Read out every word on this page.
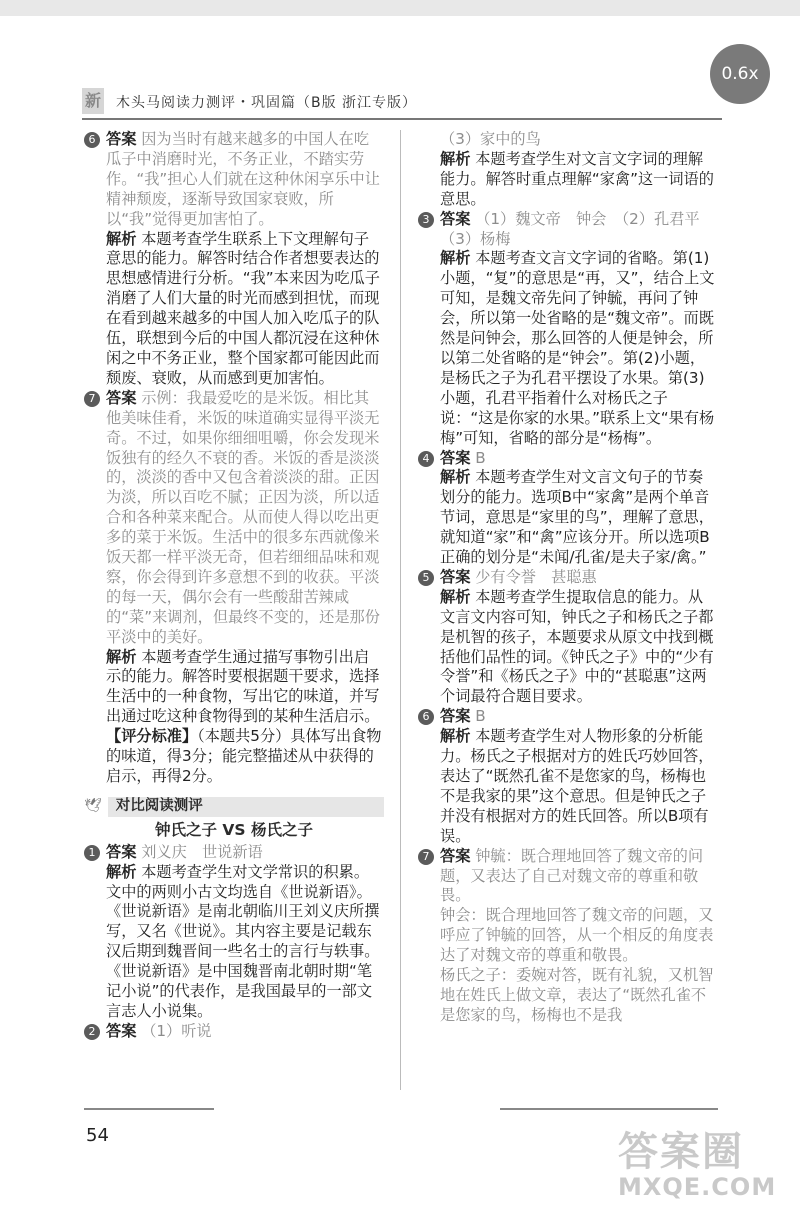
新 木头马阅读力测评・巩固篇（B版 浙江专版）
0.6x
6 答案 因为当时有越来越多的中国人在吃瓜子中消磨时光，不务正业，不踏实劳作。“我”担心人们就在这种休闲享乐中让精神颓废，逐渐导致国家衰败，所以“我”觉得更加害怕了。

解析 本题考查学生联系上下文理解句子意思的能力。解答时结合作者想要表达的思想感情进行分析。“我”本来因为吃瓜子消磨了人们大量的时光而感到担忧，而现在看到越来越多的中国人加入吃瓜子的队伍，联想到今后的中国人都沉浸在这种休闲之中不务正业，整个国家都可能因此而颓废、衰败，从而感到更加害怕。

7 答案 示例：我最爱吃的是米饭。相比其他美味佳肴，米饭的味道确实显得平淡无奇。不过，如果你细细咀嚼，你会发现米饭独有的经久不衰的香。米饭的香是淡淡的，淡淡的香中又包含着淡淡的甜。正因为淡，所以百吃不腻；正因为淡，所以适合和各种菜来配合。从而使人得以吃出更多的菜于米饭。生活中的很多东西就像米饭天都一样平淡无奇，但若细细品味和观察，你会得到许多意想不到的收获。平淡的每一天，偶尔会有一些酸甜苦辣咸的“菜”来调剂，但最终不变的，还是那份平淡中的美好。

解析 本题考查学生通过描写事物引出启示的能力。解答时要根据题干要求，选择生活中的一种食物，写出它的味道，并写出通过吃这种食物得到的某种生活启示。

【评分标准】（本题共5分）具体写出食物的味道，得3分；能完整描述从中获得的启示，再得2分。

🕊 对比阅读测评
钟氏之子 VS 杨氏之子
1 答案 刘义庆　世说新语

解析 本题考查学生对文学常识的积累。文中的两则小古文均选自《世说新语》。《世说新语》是南北朝临川王刘义庆所撰写，又名《世说》。其内容主要是记载东汉后期到魏晋间一些名士的言行与轶事。《世说新语》是中国魏晋南北朝时期“笔记小说”的代表作，是我国最早的一部文言志人小说集。

2 答案 （1）听说

（3）家中的鸟

解析 本题考查学生对文言文字词的理解能力。解答时重点理解“家禽”这一词语的意思。

3 答案 （1）魏文帝　钟会　（2）孔君平（3）杨梅

解析 本题考查文言文字词的省略。第(1)小题，“复”的意思是“再，又”，结合上文可知，是魏文帝先问了钟毓，再问了钟会，所以第一处省略的是“魏文帝”。而既然是问钟会，那么回答的人便是钟会，所以第二处省略的是“钟会”。第(2)小题，是杨氏之子为孔君平摆设了水果。第(3)小题，孔君平指着什么对杨氏之子说：“这是你家的水果。”联系上文“果有杨梅”可知，省略的部分是“杨梅”。

4 答案 B

解析 本题考查学生对文言文句子的节奏划分的能力。选项B中“家禽”是两个单音节词，意思是“家里的鸟”，理解了意思，就知道“家”和“禽”应该分开。所以选项B正确的划分是“未闻/孔雀/是夫子家/禽。”

5 答案 少有令誉　甚聪惠

解析 本题考查学生提取信息的能力。从文言文内容可知，钟氏之子和杨氏之子都是机智的孩子，本题要求从原文中找到概括他们品性的词。《钟氏之子》中的“少有令誉”和《杨氏之子》中的“甚聪惠”这两个词最符合题目要求。

6 答案 B

解析 本题考查学生对人物形象的分析能力。杨氏之子根据对方的姓氏巧妙回答，表达了“既然孔雀不是您家的鸟，杨梅也不是我家的果”这个意思。但是钟氏之子并没有根据对方的姓氏回答。所以B项有误。

7 答案 钟毓：既合理地回答了魏文帝的问题，又表达了自己对魏文帝的尊重和敬畏。

钟会：既合理地回答了魏文帝的问题，又呼应了钟毓的回答，从一个相反的角度表达了对魏文帝的尊重和敬畏。

杨氏之子：委婉对答，既有礼貌，又机智地在姓氏上做文章，表达了“既然孔雀不是您家的鸟，杨梅也不是我

54	答案圈
MXQE.COM
